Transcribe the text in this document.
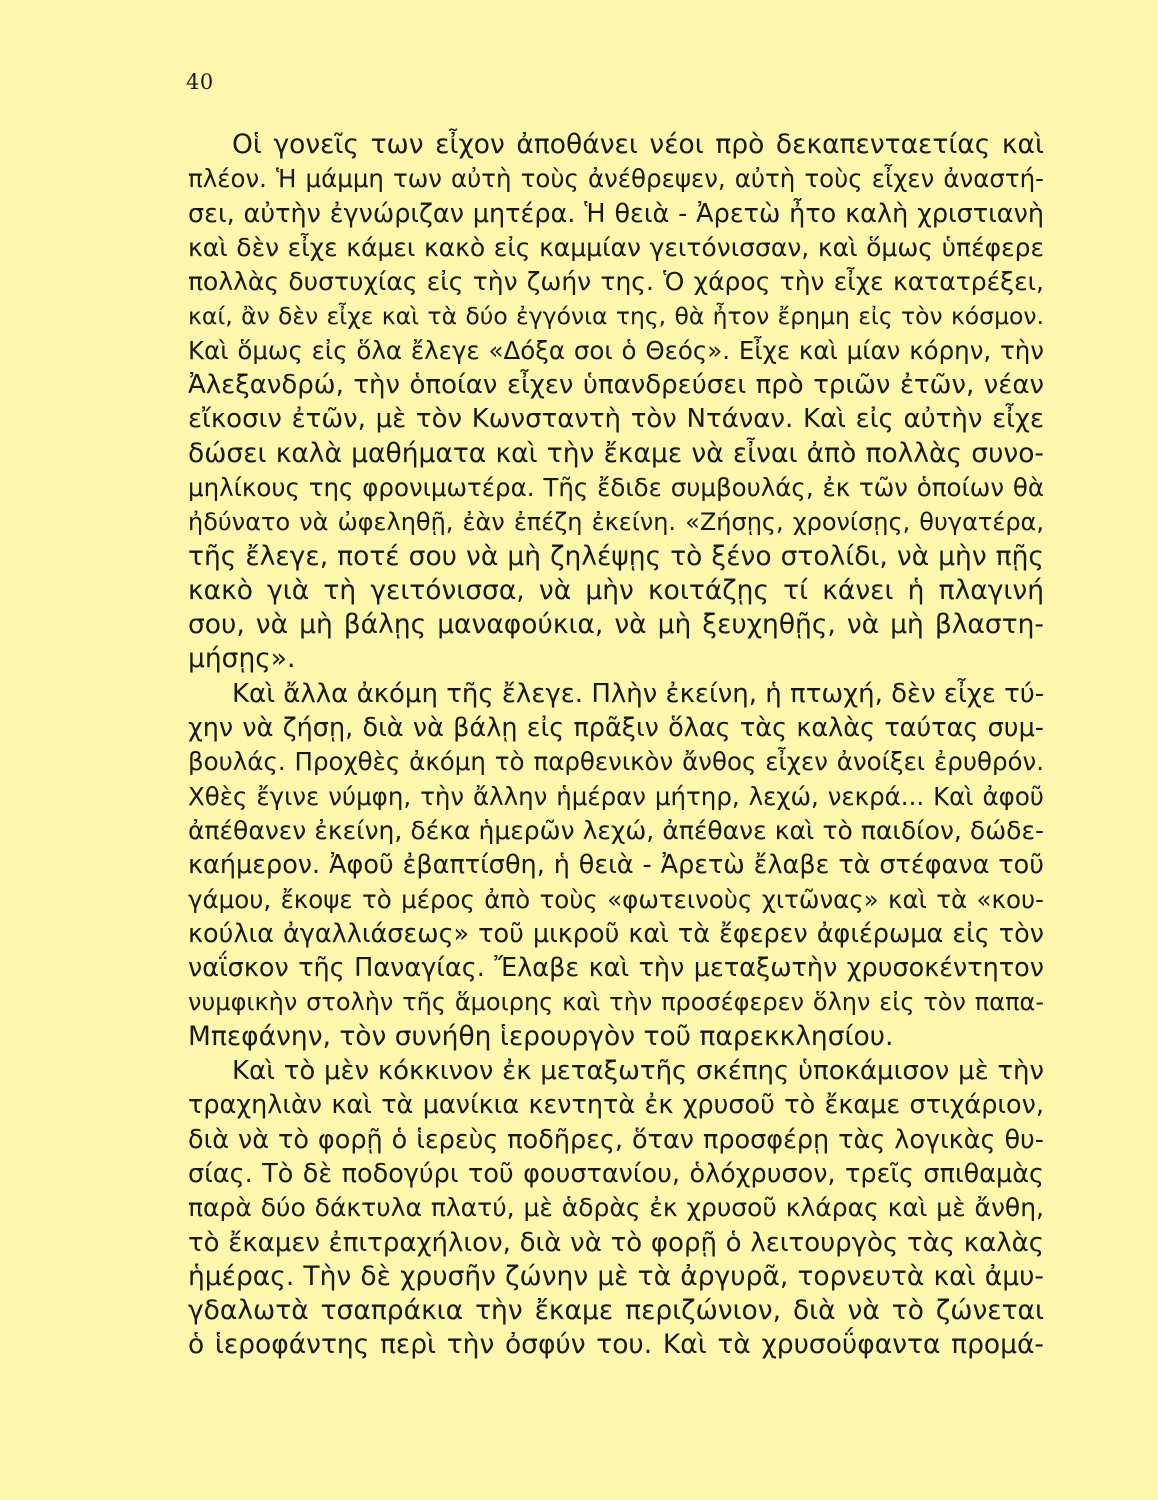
40
Οἱ γονεῖς των εἶχον ἀποθάνει νέοι πρὸ δεκαπενταετίας καὶ
πλέον. Ἡ μάμμη των αὐτὴ τοὺς ἀνέθρεψεν, αὐτὴ τοὺς εἶχεν ἀναστή-
σει, αὐτὴν ἐγνώριζαν μητέρα. Ἡ θειὰ - Ἀρετὼ ἦτο καλὴ χριστιανὴ
καὶ δὲν εἶχε κάμει κακὸ εἰς καμμίαν γειτόνισσαν, καὶ ὅμως ὑπέφερε
πολλὰς δυστυχίας εἰς τὴν ζωήν της. Ὁ χάρος τὴν εἶχε κατατρέξει,
καί, ἂν δὲν εἶχε καὶ τὰ δύο ἐγγόνια της, θὰ ἦτον ἔρημη εἰς τὸν κόσμον.
Καὶ ὅμως εἰς ὅλα ἔλεγε «Δόξα σοι ὁ Θεός». Εἶχε καὶ μίαν κόρην, τὴν
Ἀλεξανδρώ, τὴν ὁποίαν εἶχεν ὑπανδρεύσει πρὸ τριῶν ἐτῶν, νέαν
εἴκοσιν ἐτῶν, μὲ τὸν Κωνσταντὴ τὸν Ντάναν. Καὶ εἰς αὐτὴν εἶχε
δώσει καλὰ μαθήματα καὶ τὴν ἔκαμε νὰ εἶναι ἀπὸ πολλὰς συνο-
μηλίκους της φρονιμωτέρα. Τῆς ἔδιδε συμβουλάς, ἐκ τῶν ὁποίων θὰ
ἠδύνατο νὰ ὠφεληθῇ, ἐὰν ἐπέζη ἐκείνη. «Ζήσῃς, χρονίσῃς, θυγατέρα,
τῆς ἔλεγε, ποτέ σου νὰ μὴ ζηλέψῃς τὸ ξένο στολίδι, νὰ μὴν πῇς
κακὸ γιὰ τὴ γειτόνισσα, νὰ μὴν κοιτάζῃς τί κάνει ἡ πλαγινή
σου, νὰ μὴ βάλῃς μαναφούκια, νὰ μὴ ξευχηθῇς, νὰ μὴ βλαστη-
μήσῃς».
Καὶ ἄλλα ἀκόμη τῆς ἔλεγε. Πλὴν ἐκείνη, ἡ πτωχή, δὲν εἶχε τύ-
χην νὰ ζήσῃ, διὰ νὰ βάλῃ εἰς πρᾶξιν ὅλας τὰς καλὰς ταύτας συμ-
βουλάς. Προχθὲς ἀκόμη τὸ παρθενικὸν ἄνθος εἶχεν ἀνοίξει ἐρυθρόν.
Χθὲς ἔγινε νύμφη, τὴν ἄλλην ἡμέραν μήτηρ, λεχώ, νεκρά... Καὶ ἀφοῦ
ἀπέθανεν ἐκείνη, δέκα ἡμερῶν λεχώ, ἀπέθανε καὶ τὸ παιδίον, δώδε-
καήμερον. Ἀφοῦ ἐβαπτίσθη, ἡ θειὰ - Ἀρετὼ ἔλαβε τὰ στέφανα τοῦ
γάμου, ἔκοψε τὸ μέρος ἀπὸ τοὺς «φωτεινοὺς χιτῶνας» καὶ τὰ «κου-
κούλια ἀγαλλιάσεως» τοῦ μικροῦ καὶ τὰ ἔφερεν ἀφιέρωμα εἰς τὸν
ναΐσκον τῆς Παναγίας. Ἔλαβε καὶ τὴν μεταξωτὴν χρυσοκέντητον
νυμφικὴν στολὴν τῆς ἅμοιρης καὶ τὴν προσέφερεν ὅλην εἰς τὸν παπα-
Μπεφάνην, τὸν συνήθη ἱερουργὸν τοῦ παρεκκλησίου.
Καὶ τὸ μὲν κόκκινον ἐκ μεταξωτῆς σκέπης ὑποκάμισον μὲ τὴν
τραχηλιὰν καὶ τὰ μανίκια κεντητὰ ἐκ χρυσοῦ τὸ ἔκαμε στιχάριον,
διὰ νὰ τὸ φορῇ ὁ ἱερεὺς ποδῆρες, ὅταν προσφέρῃ τὰς λογικὰς θυ-
σίας. Τὸ δὲ ποδογύρι τοῦ φουστανίου, ὁλόχρυσον, τρεῖς σπιθαμὰς
παρὰ δύο δάκτυλα πλατύ, μὲ ἁδρὰς ἐκ χρυσοῦ κλάρας καὶ μὲ ἄνθη,
τὸ ἔκαμεν ἐπιτραχήλιον, διὰ νὰ τὸ φορῇ ὁ λειτουργὸς τὰς καλὰς
ἡμέρας. Τὴν δὲ χρυσῆν ζώνην μὲ τὰ ἀργυρᾶ, τορνευτὰ καὶ ἀμυ-
γδαλωτὰ τσαπράκια τὴν ἔκαμε περιζώνιον, διὰ νὰ τὸ ζώνεται
ὁ ἱεροφάντης περὶ τὴν ὀσφύν του. Καὶ τὰ χρυσοΰφαντα προμά-
